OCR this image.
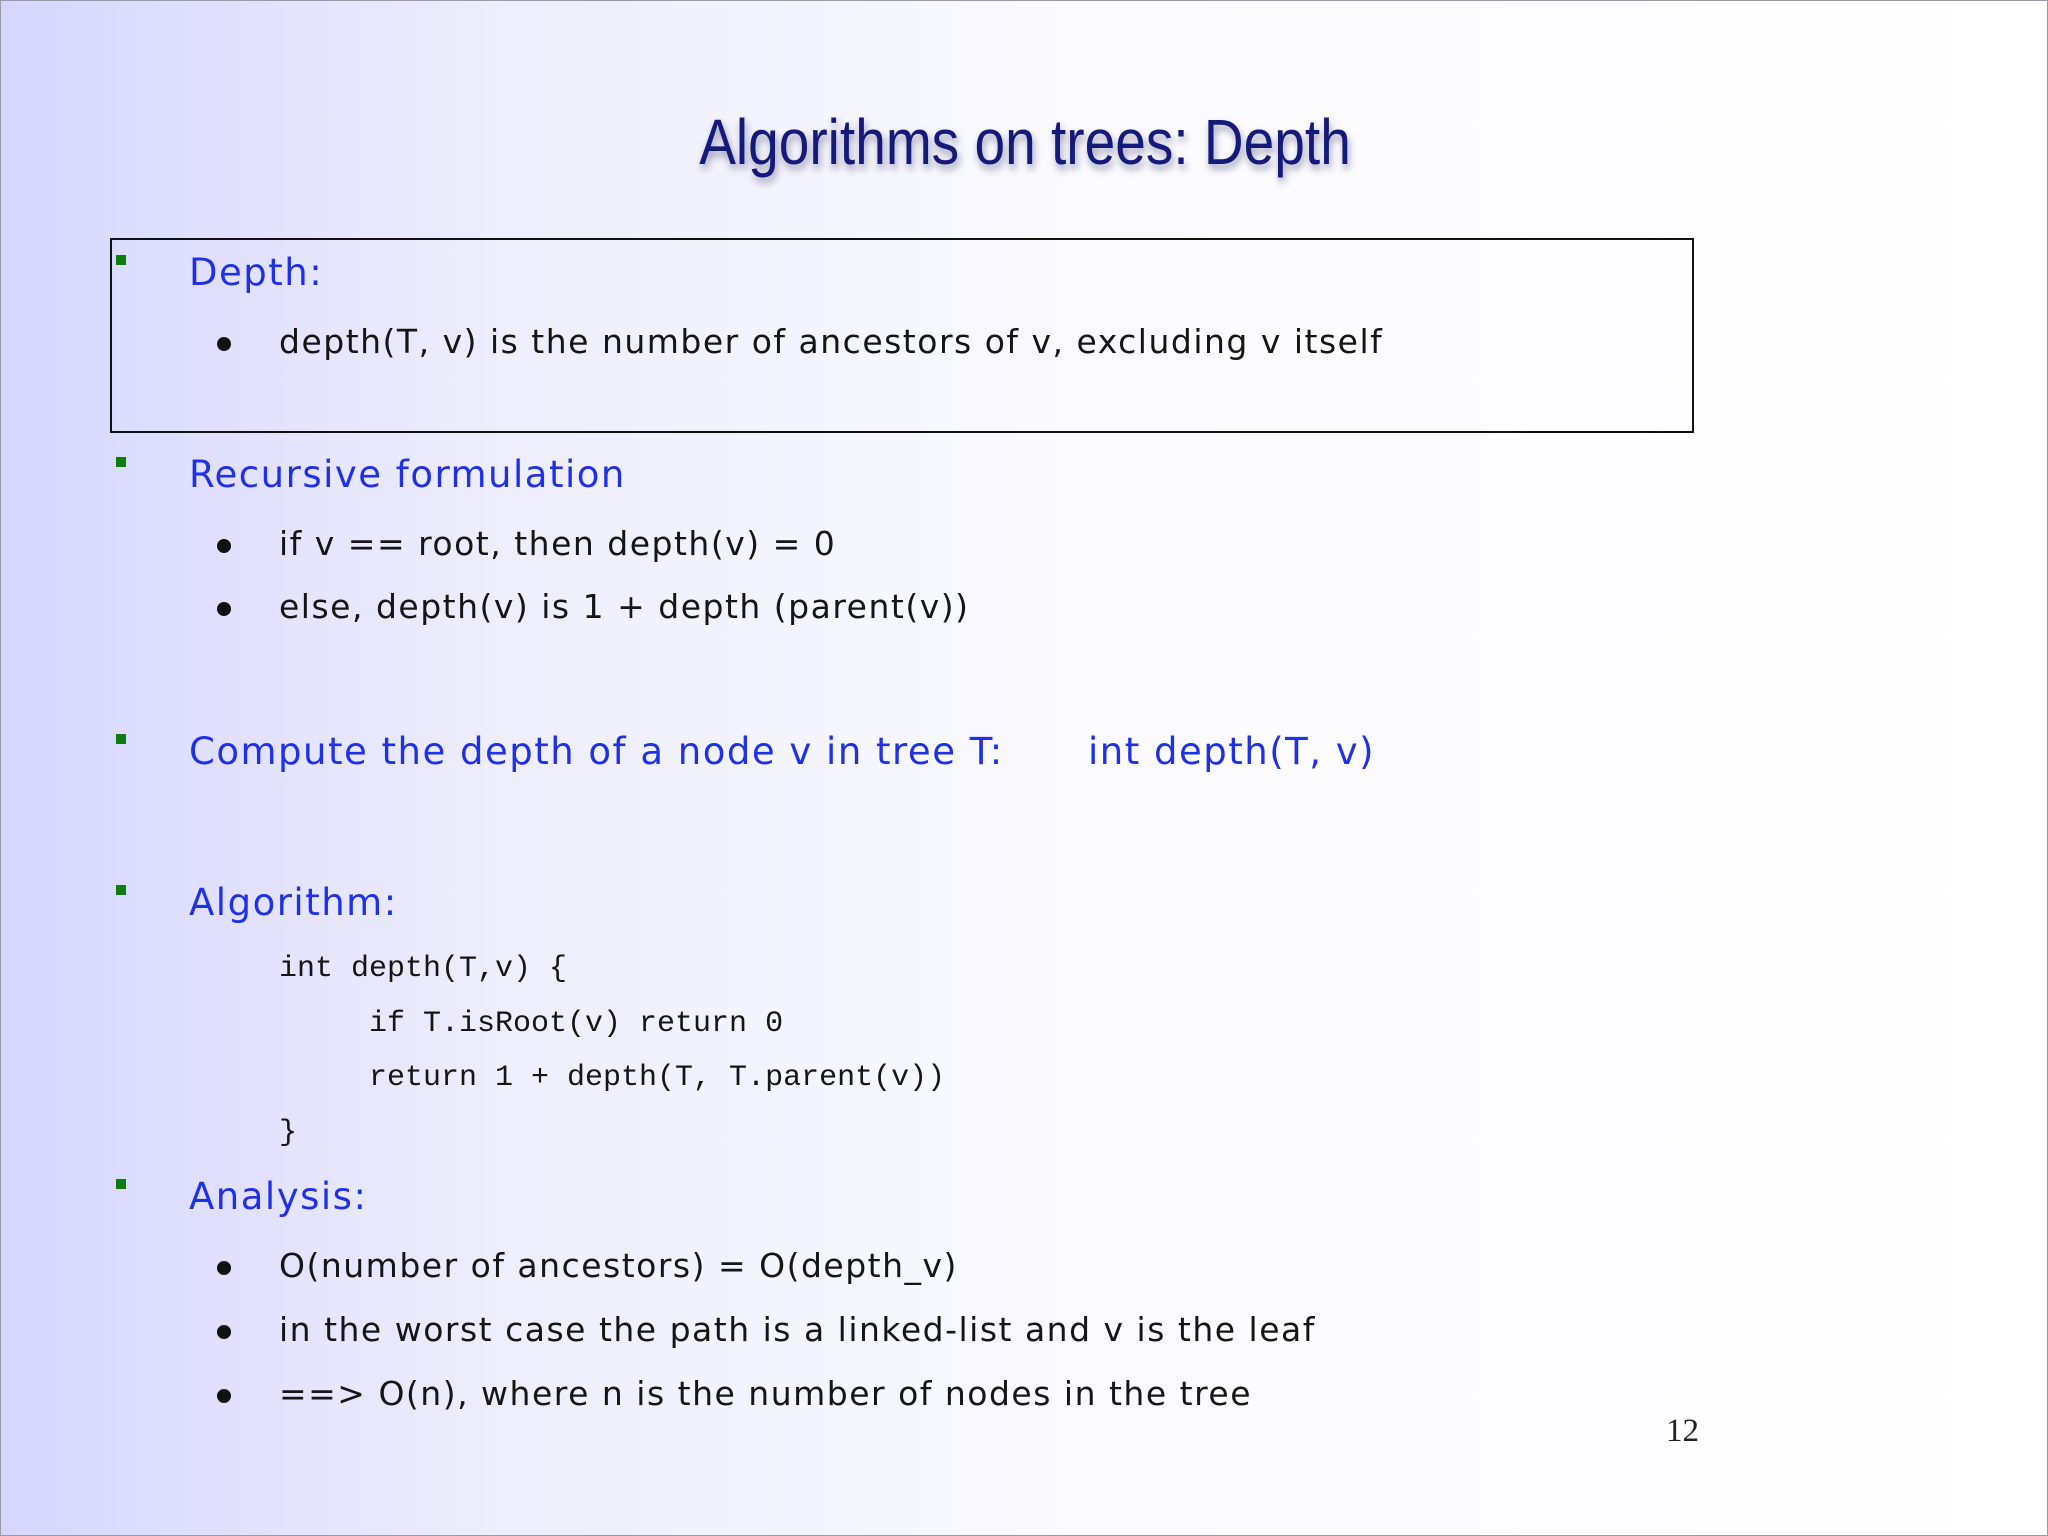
Algorithms on trees: Depth
Depth:
depth(T, v) is the number of ancestors of v, excluding v itself
Recursive formulation
if v == root, then depth(v) = 0
else, depth(v) is 1 + depth (parent(v))
Compute the depth of a node v in tree T: int depth(T, v)
Algorithm:
int depth(T,v) {
if T.isRoot(v) return 0
return 1 + depth(T, T.parent(v))
}
Analysis:
O(number of ancestors) = O(depth_v)
in the worst case the path is a linked-list and v is the leaf
==> O(n), where n is the number of nodes in the tree
12
